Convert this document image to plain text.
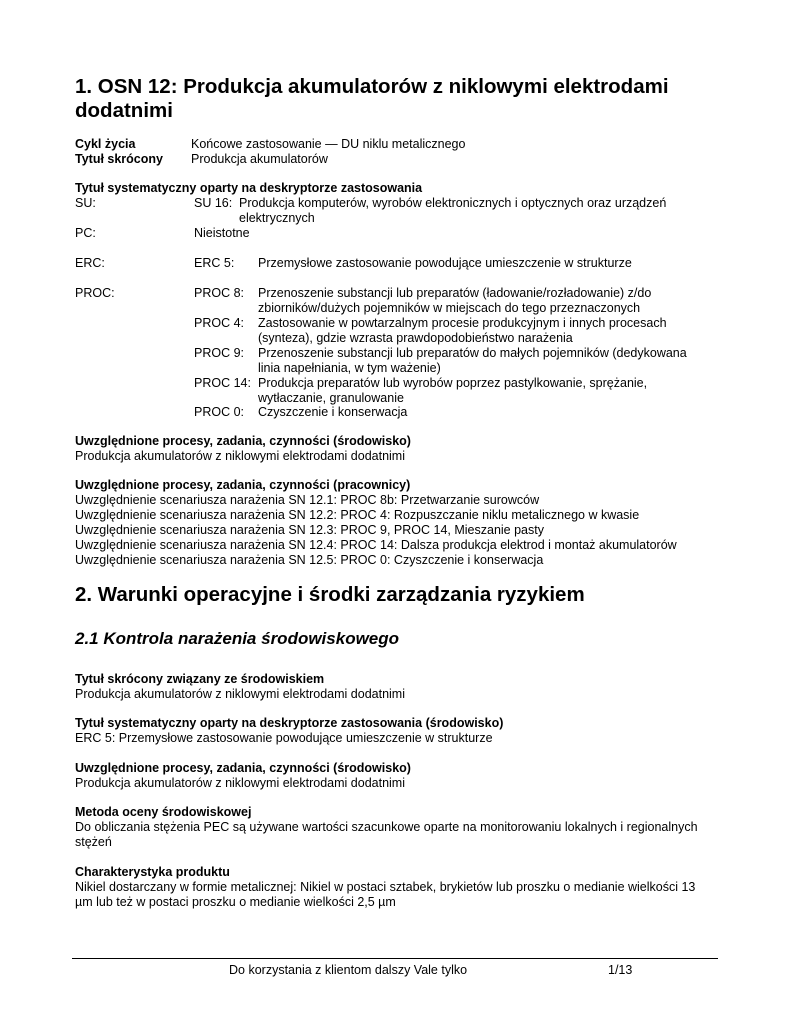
1. OSN 12: Produkcja akumulatorów z niklowymi elektrodami dodatnimi
Cykl życia	Końcowe zastosowanie — DU niklu metalicznego
Tytuł skrócony Produkcja akumulatorów
Tytuł systematyczny oparty na deskryptorze zastosowania
SU:	SU 16: Produkcja komputerów, wyrobów elektronicznych i optycznych oraz urządzeń elektrycznych
PC:	Nieistotne
ERC:	ERC 5: Przemysłowe zastosowanie powodujące umieszczenie w strukturze
PROC:	PROC 8: Przenoszenie substancji lub preparatów (ładowanie/rozładowanie) z/do zbiorników/dużych pojemników w miejscach do tego przeznaczonych
PROC 4: Zastosowanie w powtarzalnym procesie produkcyjnym i innych procesach (synteza), gdzie wzrasta prawdopodobieństwo narażenia
PROC 9: Przenoszenie substancji lub preparatów do małych pojemników (dedykowana linia napełniania, w tym ważenie)
PROC 14: Produkcja preparatów lub wyrobów poprzez pastylkowanie, sprężanie, wytłaczanie, granulowanie
PROC 0: Czyszczenie i konserwacja
Uwzględnione procesy, zadania, czynności (środowisko)
Produkcja akumulatorów z niklowymi elektrodami dodatnimi
Uwzględnione procesy, zadania, czynności (pracownicy)
Uwzględnienie scenariusza narażenia SN 12.1: PROC 8b: Przetwarzanie surowców
Uwzględnienie scenariusza narażenia SN 12.2: PROC 4: Rozpuszczanie niklu metalicznego w kwasie
Uwzględnienie scenariusza narażenia SN 12.3: PROC 9, PROC 14, Mieszanie pasty
Uwzględnienie scenariusza narażenia SN 12.4: PROC 14: Dalsza produkcja elektrod i montaż akumulatorów
Uwzględnienie scenariusza narażenia SN 12.5: PROC 0: Czyszczenie i konserwacja
2. Warunki operacyjne i środki zarządzania ryzykiem
2.1 Kontrola narażenia środowiskowego
Tytuł skrócony związany ze środowiskiem
Produkcja akumulatorów z niklowymi elektrodami dodatnimi
Tytuł systematyczny oparty na deskryptorze zastosowania (środowisko)
ERC 5: Przemysłowe zastosowanie powodujące umieszczenie w strukturze
Uwzględnione procesy, zadania, czynności (środowisko)
Produkcja akumulatorów z niklowymi elektrodami dodatnimi
Metoda oceny środowiskowej
Do obliczania stężenia PEC są używane wartości szacunkowe oparte na monitorowaniu lokalnych i regionalnych stężeń
Charakterystyka produktu
Nikiel dostarczany w formie metalicznej: Nikiel w postaci sztabek, brykietów lub proszku o medianie wielkości 13 µm lub też w postaci proszku o medianie wielkości 2,5 µm
Do korzystania z klientom dalszy Vale tylko	1/13
